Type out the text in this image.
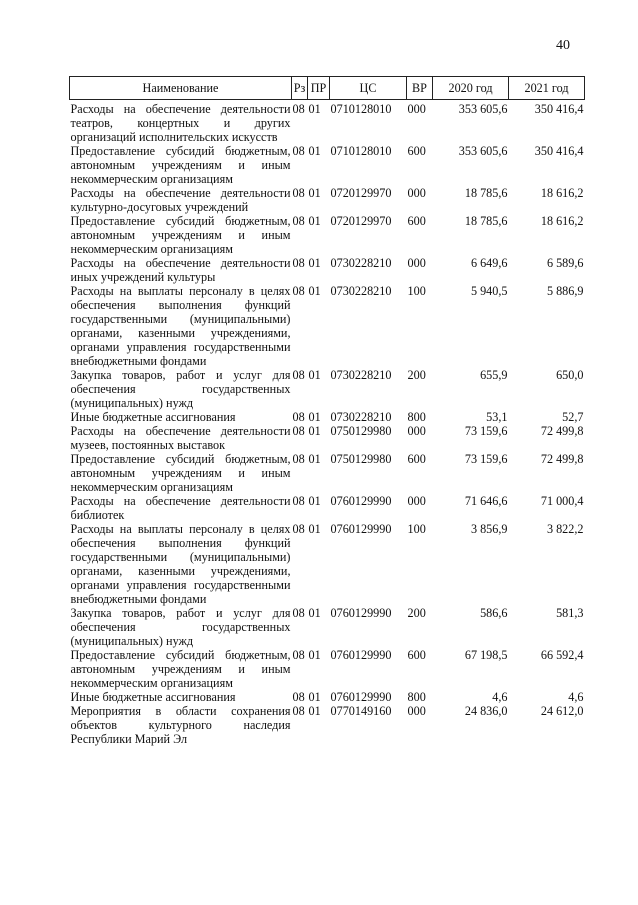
40
Наименование	Рз	ПР	ЦС	ВР	2020 год	2021 год
Расходы на обеспечение деятельности театров, концертных и других организаций исполнительских искусств	08	01	0710128010	000	353 605,6	350 416,4
Предоставление субсидий бюджетным, автономным учреждениям и иным некоммерческим организациям	08	01	0710128010	600	353 605,6	350 416,4
Расходы на обеспечение деятельности культурно-досуговых учреждений	08	01	0720129970	000	18 785,6	18 616,2
Предоставление субсидий бюджетным, автономным учреждениям и иным некоммерческим организациям	08	01	0720129970	600	18 785,6	18 616,2
Расходы на обеспечение деятельности иных учреждений культуры	08	01	0730228210	000	6 649,6	6 589,6
Расходы на выплаты персоналу в целях обеспечения выполнения функций государственными (муниципальными) органами, казенными учреждениями, органами управления государственными внебюджетными фондами	08	01	0730228210	100	5 940,5	5 886,9
Закупка товаров, работ и услуг для обеспечения государственных (муниципальных) нужд	08	01	0730228210	200	655,9	650,0
Иные бюджетные ассигнования	08	01	0730228210	800	53,1	52,7
Расходы на обеспечение деятельности музеев, постоянных выставок	08	01	0750129980	000	73 159,6	72 499,8
Предоставление субсидий бюджетным, автономным учреждениям и иным некоммерческим организациям	08	01	0750129980	600	73 159,6	72 499,8
Расходы на обеспечение деятельности библиотек	08	01	0760129990	000	71 646,6	71 000,4
Расходы на выплаты персоналу в целях обеспечения выполнения функций государственными (муниципальными) органами, казенными учреждениями, органами управления государственными внебюджетными фондами	08	01	0760129990	100	3 856,9	3 822,2
Закупка товаров, работ и услуг для обеспечения государственных (муниципальных) нужд	08	01	0760129990	200	586,6	581,3
Предоставление субсидий бюджетным, автономным учреждениям и иным некоммерческим организациям	08	01	0760129990	600	67 198,5	66 592,4
Иные бюджетные ассигнования	08	01	0760129990	800	4,6	4,6
Мероприятия в области сохранения объектов культурного наследия Республики Марий Эл	08	01	0770149160	000	24 836,0	24 612,0
